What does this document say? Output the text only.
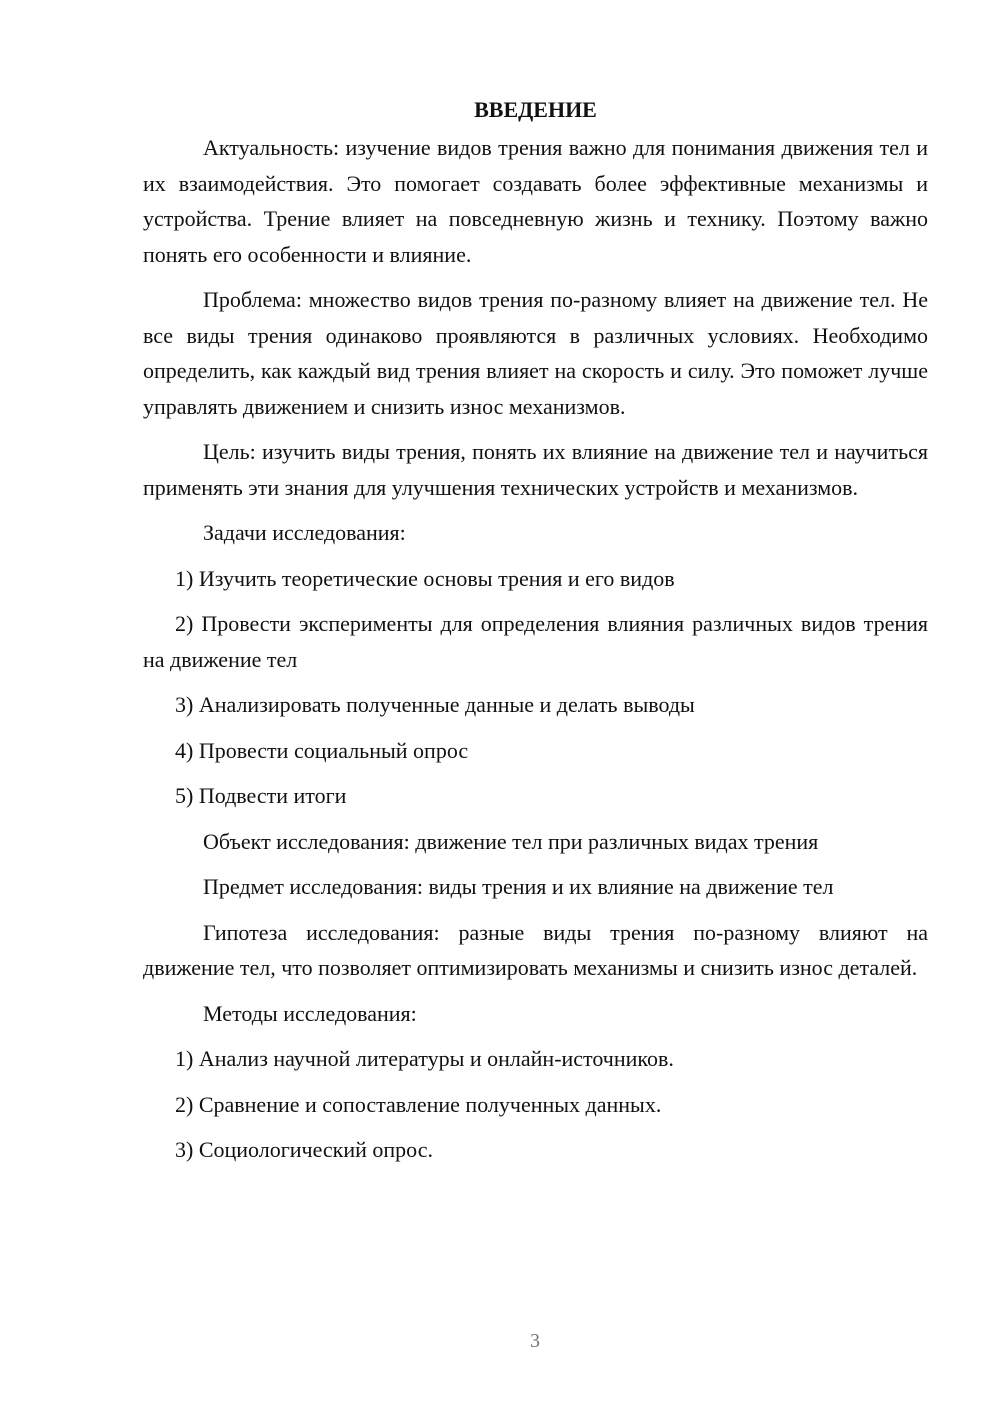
ВВЕДЕНИЕ

Актуальность: изучение видов трения важно для понимания движения тел и их взаимодействия. Это помогает создавать более эффективные механизмы и устройства. Трение влияет на повседневную жизнь и технику. Поэтому важно понять его особенности и влияние.

Проблема: множество видов трения по-разному влияет на движение тел. Не все виды трения одинаково проявляются в различных условиях. Необходимо определить, как каждый вид трения влияет на скорость и силу. Это поможет лучше управлять движением и снизить износ механизмов.

Цель: изучить виды трения, понять их влияние на движение тел и научиться применять эти знания для улучшения технических устройств и механизмов.

Задачи исследования:

1) Изучить теоретические основы трения и его видов

2) Провести эксперименты для определения влияния различных видов трения на движение тел

3) Анализировать полученные данные и делать выводы

4) Провести социальный опрос

5) Подвести итоги

Объект исследования: движение тел при различных видах трения

Предмет исследования: виды трения и их влияние на движение тел

Гипотеза исследования: разные виды трения по-разному влияют на движение тел, что позволяет оптимизировать механизмы и снизить износ деталей.

Методы исследования:

1) Анализ научной литературы и онлайн-источников.

2) Сравнение и сопоставление полученных данных.

3) Социологический опрос.

3
